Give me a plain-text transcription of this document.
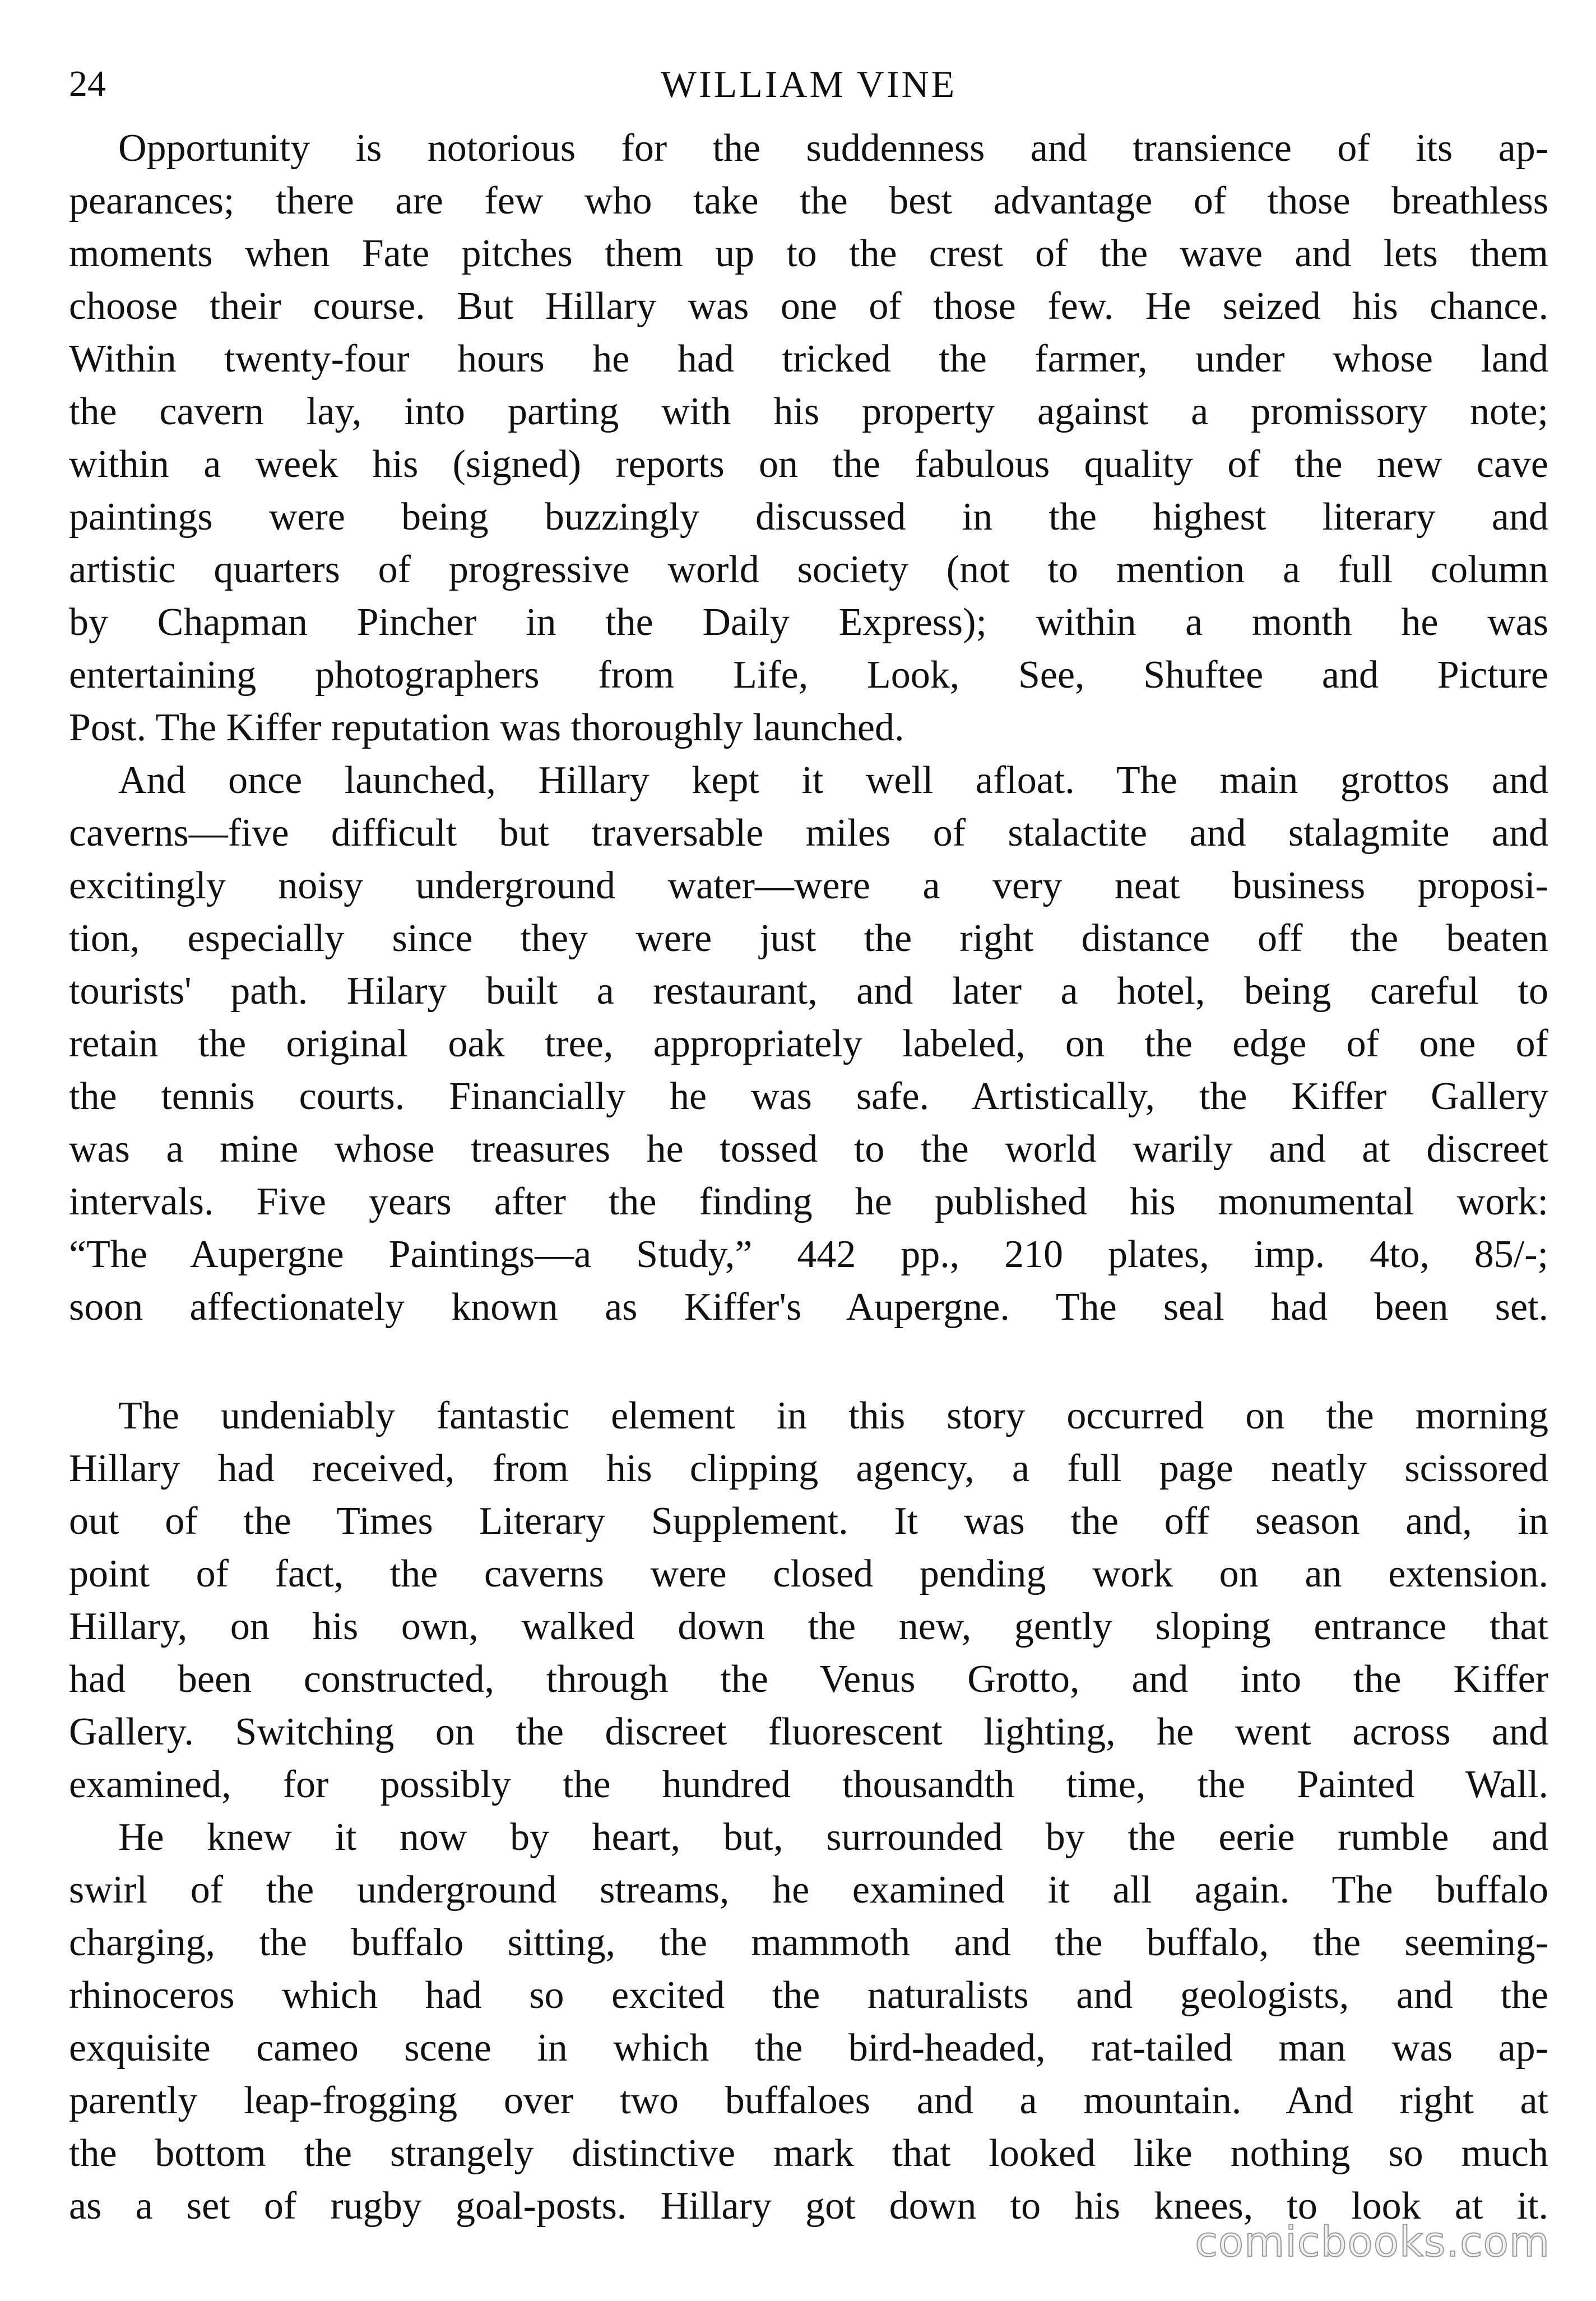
24	WILLIAM VINE
Opportunity is notorious for the suddenness and transience of its ap-
pearances; there are few who take the best advantage of those breathless
moments when Fate pitches them up to the crest of the wave and lets them
choose their course. But Hillary was one of those few. He seized his chance.
Within twenty-four hours he had tricked the farmer, under whose land
the cavern lay, into parting with his property against a promissory note;
within a week his (signed) reports on the fabulous quality of the new cave
paintings were being buzzingly discussed in the highest literary and
artistic quarters of progressive world society (not to mention a full column
by Chapman Pincher in the Daily Express); within a month he was
entertaining photographers from Life, Look, See, Shuftee and Picture
Post. The Kiffer reputation was thoroughly launched.
And once launched, Hillary kept it well afloat. The main grottos and
caverns—five difficult but traversable miles of stalactite and stalagmite and
excitingly noisy underground water—were a very neat business proposi-
tion, especially since they were just the right distance off the beaten
tourists' path. Hilary built a restaurant, and later a hotel, being careful to
retain the original oak tree, appropriately labeled, on the edge of one of
the tennis courts. Financially he was safe. Artistically, the Kiffer Gallery
was a mine whose treasures he tossed to the world warily and at discreet
intervals. Five years after the finding he published his monumental work:
“The Aupergne Paintings—a Study,” 442 pp., 210 plates, imp. 4to, 85/-;
soon affectionately known as Kiffer's Aupergne. The seal had been set.
The undeniably fantastic element in this story occurred on the morning
Hillary had received, from his clipping agency, a full page neatly scissored
out of the Times Literary Supplement. It was the off season and, in
point of fact, the caverns were closed pending work on an extension.
Hillary, on his own, walked down the new, gently sloping entrance that
had been constructed, through the Venus Grotto, and into the Kiffer
Gallery. Switching on the discreet fluorescent lighting, he went across and
examined, for possibly the hundred thousandth time, the Painted Wall.
He knew it now by heart, but, surrounded by the eerie rumble and
swirl of the underground streams, he examined it all again. The buffalo
charging, the buffalo sitting, the mammoth and the buffalo, the seeming-
rhinoceros which had so excited the naturalists and geologists, and the
exquisite cameo scene in which the bird-headed, rat-tailed man was ap-
parently leap-frogging over two buffaloes and a mountain. And right at
the bottom the strangely distinctive mark that looked like nothing so much
as a set of rugby goal-posts. Hillary got down to his knees, to look at it.
comicbooks.com
